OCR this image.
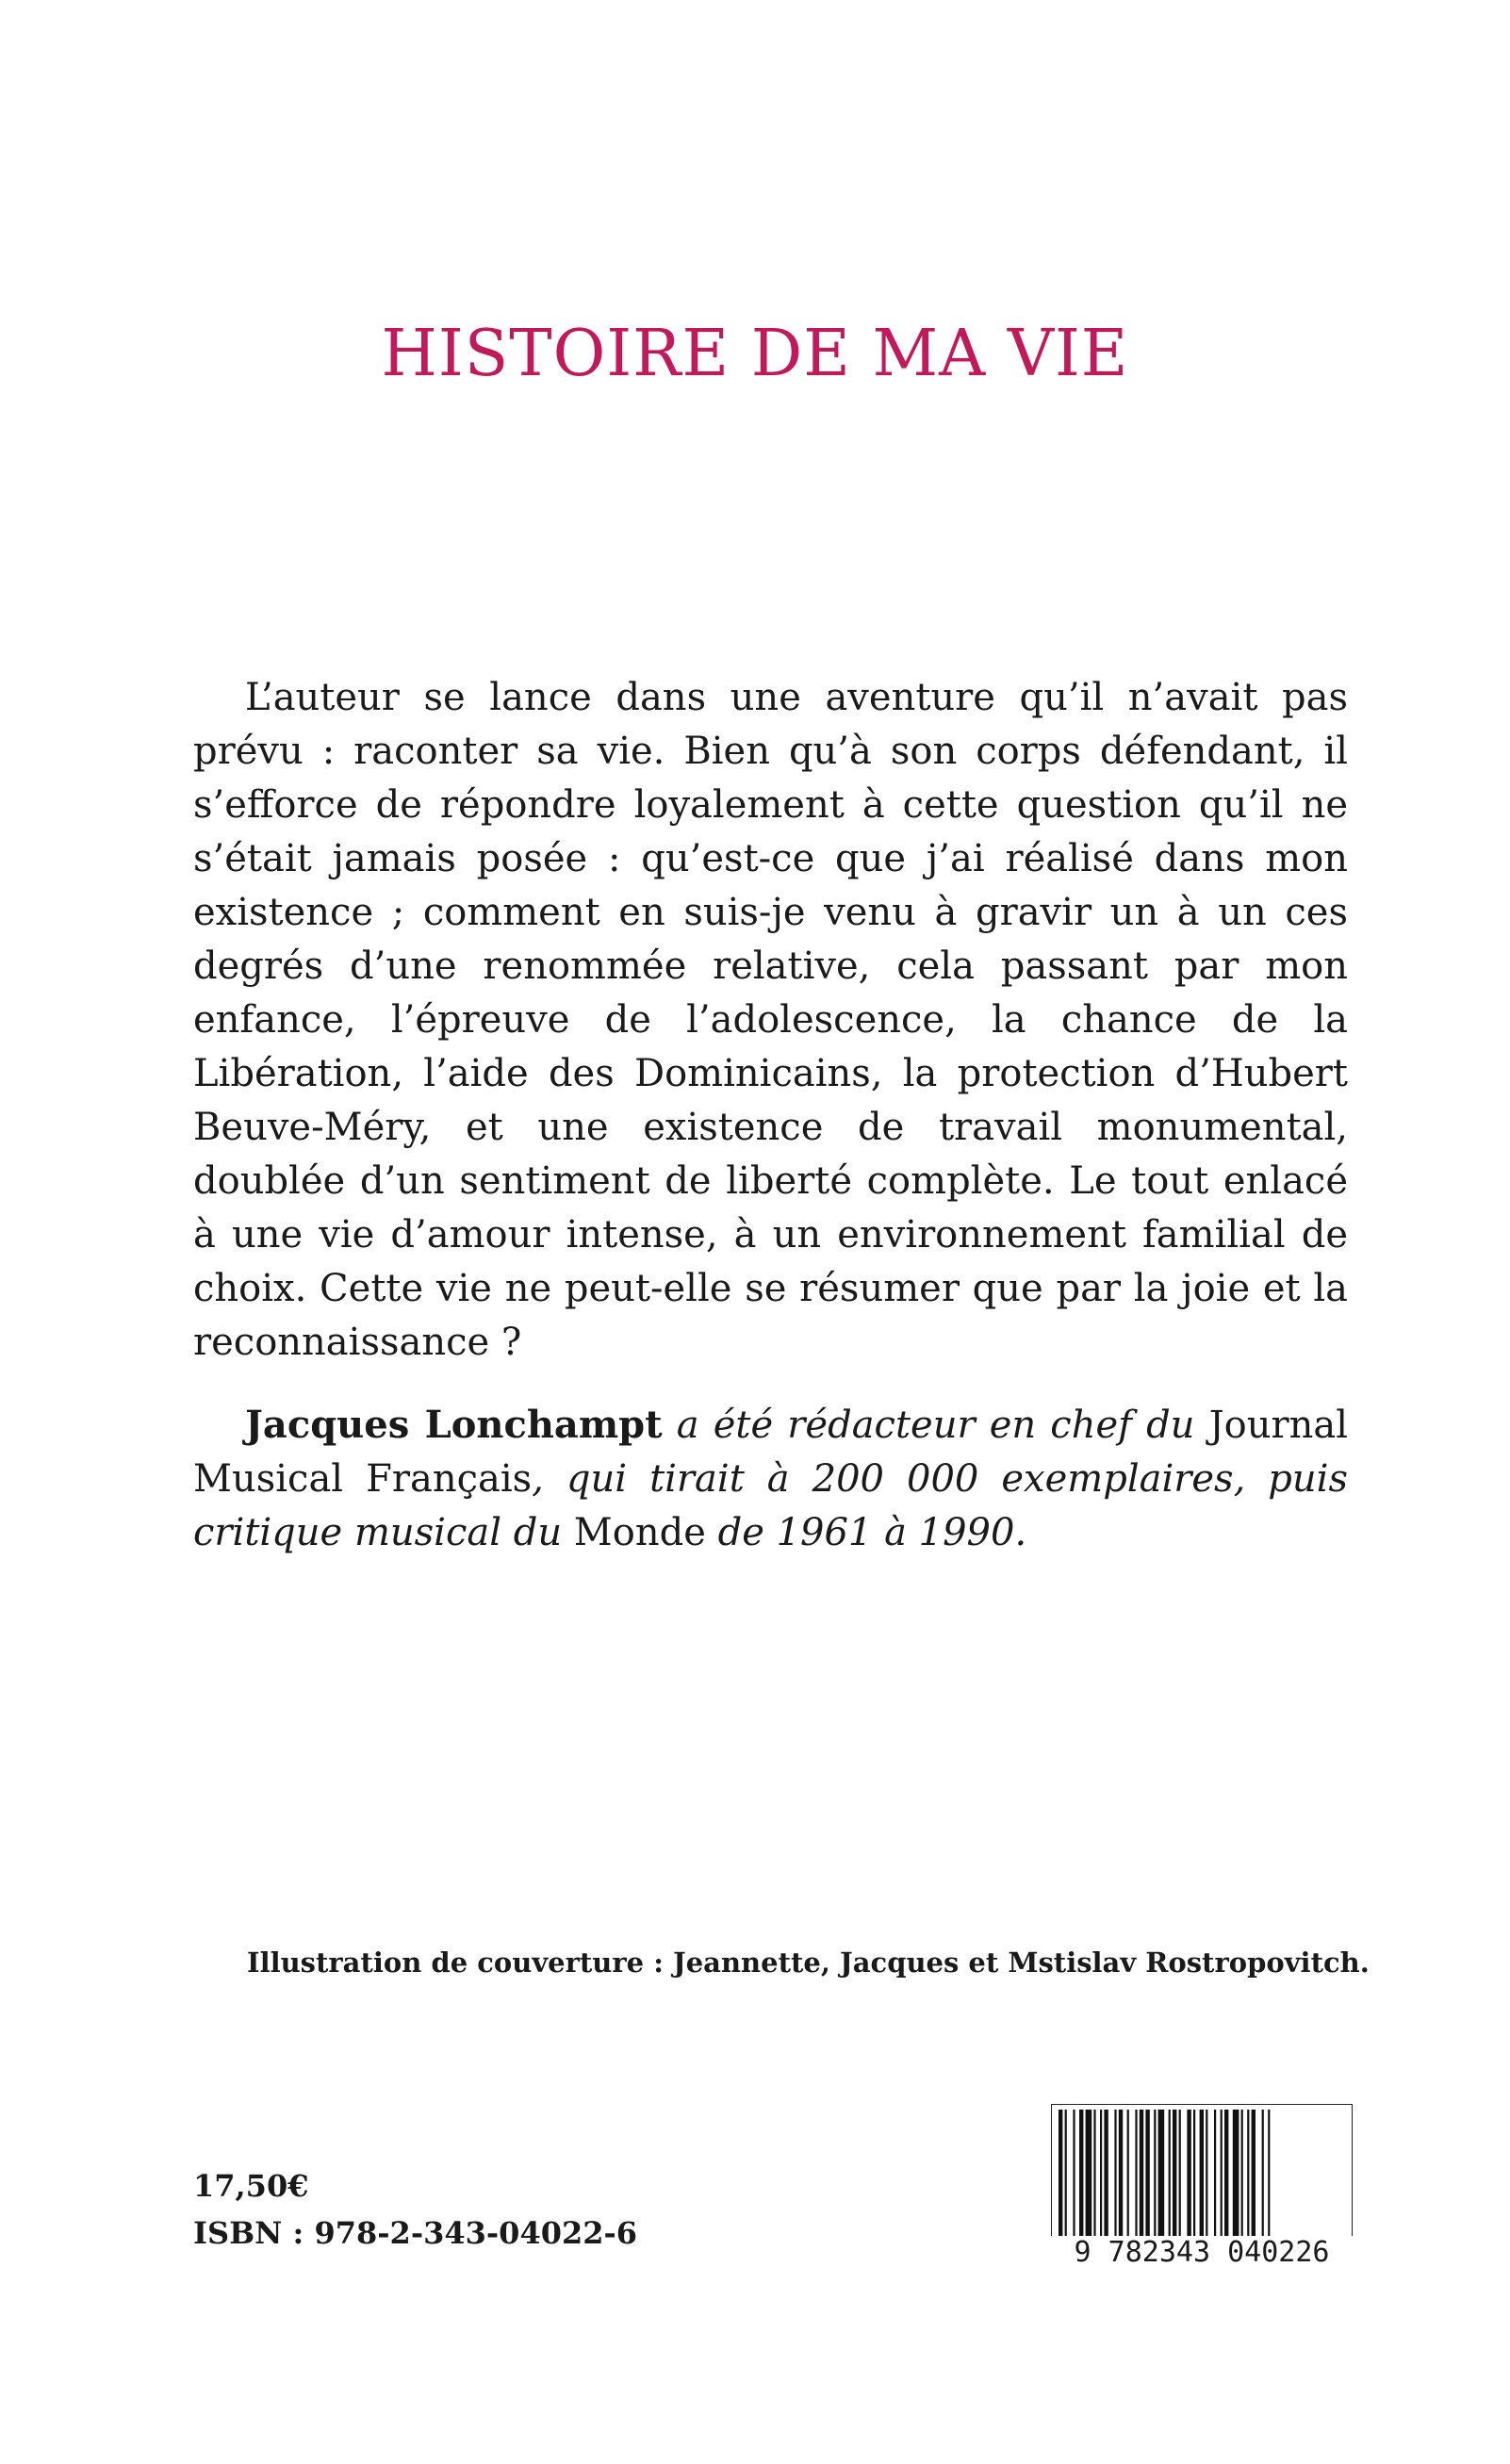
HISTOIRE DE MA VIE

L’auteur se lance dans une aventure qu’il n’avait pas prévu : raconter sa vie. Bien qu’à son corps défendant, il s’efforce de répondre loyalement à cette question qu’il ne s’était jamais posée : qu’est-ce que j’ai réalisé dans mon existence ; comment en suis-je venu à gravir un à un ces degrés d’une renommée relative, cela passant par mon enfance, l’épreuve de l’adolescence, la chance de la Libération, l’aide des Dominicains, la protection d’Hubert Beuve-Méry, et une existence de travail monumental, doublée d’un sentiment de liberté complète. Le tout enlacé à une vie d’amour intense, à un environnement familial de choix. Cette vie ne peut-elle se résumer que par la joie et la reconnaissance ?

Jacques Lonchampt a été rédacteur en chef du Journal Musical Français, qui tirait à 200 000 exemplaires, puis critique musical du Monde de 1961 à 1990.

Illustration de couverture : Jeannette, Jacques et Mstislav Rostropovitch.
17,50€
ISBN : 978-2-343-04022-6
9 782343 040226
